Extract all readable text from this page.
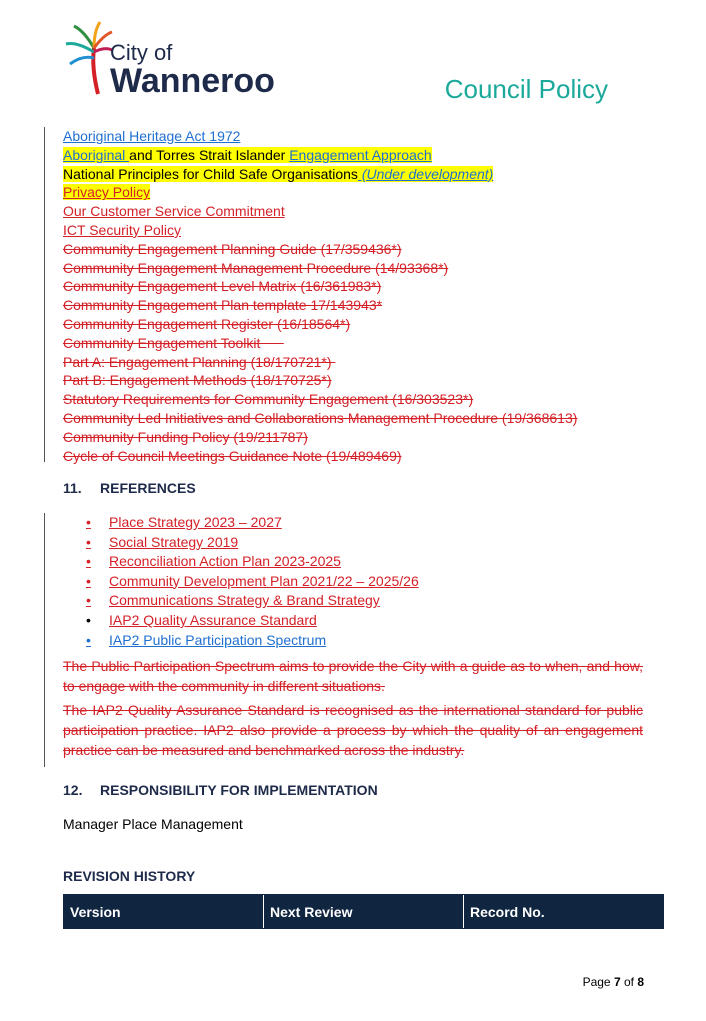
City of
Wanneroo	Council Policy
Aboriginal Heritage Act 1972
Aboriginal and Torres Strait Islander Engagement Approach
National Principles for Child Safe Organisations (Under development)
Privacy Policy
Our Customer Service Commitment
ICT Security Policy
Community Engagement Planning Guide (17/359436*)
Community Engagement Management Procedure (14/93368*)
Community Engagement Level Matrix (16/361983*)
Community Engagement Plan template 17/143943*
Community Engagement Register (16/18564*)
Community Engagement Toolkit
Part A: Engagement Planning (18/170721*)
Part B: Engagement Methods (18/170725*)
Statutory Requirements for Community Engagement (16/303523*)
Community Led Initiatives and Collaborations Management Procedure (19/368613)
Community Funding Policy (19/211787)
Cycle of Council Meetings Guidance Note (19/489469)
11. REFERENCES
•	Place Strategy 2023 – 2027
•	Social Strategy 2019
•	Reconciliation Action Plan 2023-2025
•	Community Development Plan 2021/22 – 2025/26
•	Communications Strategy & Brand Strategy
•	IAP2 Quality Assurance Standard
•	IAP2 Public Participation Spectrum
The Public Participation Spectrum aims to provide the City with a guide as to when, and how, to engage with the community in different situations.
The IAP2 Quality Assurance Standard is recognised as the international standard for public participation practice. IAP2 also provide a process by which the quality of an engagement practice can be measured and benchmarked across the industry.
12. RESPONSIBILITY FOR IMPLEMENTATION
Manager Place Management
REVISION HISTORY
Version	Next Review	Record No.
Page 7 of 8
